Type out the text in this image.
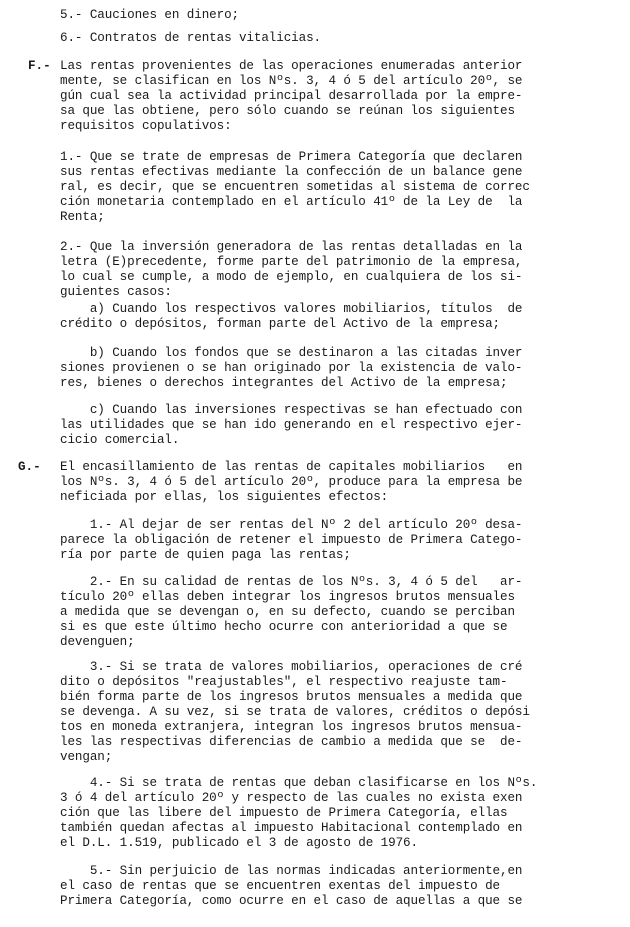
5.- Cauciones en dinero;
6.- Contratos de rentas vitalicias.
F.- Las rentas provenientes de las operaciones enumeradas anterior
mente, se clasifican en los Nºs. 3, 4 ó 5 del artículo 20º, se
gún cual sea la actividad principal desarrollada por la empre-
sa que las obtiene, pero sólo cuando se reúnan los siguientes
requisitos copulativos:
1.- Que se trate de empresas de Primera Categoría que declaren
sus rentas efectivas mediante la confección de un balance gene
ral, es decir, que se encuentren sometidas al sistema de correc
ción monetaria contemplado en el artículo 41º de la Ley de  la
Renta;
2.- Que la inversión generadora de las rentas detalladas en la
letra (E)precedente, forme parte del patrimonio de la empresa,
lo cual se cumple, a modo de ejemplo, en cualquiera de los si-
guientes casos:
a) Cuando los respectivos valores mobiliarios, títulos  de
crédito o depósitos, forman parte del Activo de la empresa;
b) Cuando los fondos que se destinaron a las citadas inver
siones provienen o se han originado por la existencia de valo-
res, bienes o derechos integrantes del Activo de la empresa;
c) Cuando las inversiones respectivas se han efectuado con
las utilidades que se han ido generando en el respectivo ejer-
cicio comercial.
G.- El encasillamiento de las rentas de capitales mobiliarios   en
los Nºs. 3, 4 ó 5 del artículo 20º, produce para la empresa be
neficiada por ellas, los siguientes efectos:
1.- Al dejar de ser rentas del Nº 2 del artículo 20º desa-
parece la obligación de retener el impuesto de Primera Catego-
ría por parte de quien paga las rentas;
2.- En su calidad de rentas de los Nºs. 3, 4 ó 5 del   ar-
tículo 20º ellas deben integrar los ingresos brutos mensuales
a medida que se devengan o, en su defecto, cuando se perciban
si es que este último hecho ocurre con anterioridad a que se
devenguen;
3.- Si se trata de valores mobiliarios, operaciones de cré
dito o depósitos "reajustables", el respectivo reajuste tam-
bién forma parte de los ingresos brutos mensuales a medida que
se devenga. A su vez, si se trata de valores, créditos o depósi
tos en moneda extranjera, integran los ingresos brutos mensua-
les las respectivas diferencias de cambio a medida que se  de-
vengan;
4.- Si se trata de rentas que deban clasificarse en los Nºs.
3 ó 4 del artículo 20º y respecto de las cuales no exista exen
ción que las libere del impuesto de Primera Categoría, ellas
también quedan afectas al impuesto Habitacional contemplado en
el D.L. 1.519, publicado el 3 de agosto de 1976.
5.- Sin perjuicio de las normas indicadas anteriormente,en
el caso de rentas que se encuentren exentas del impuesto de
Primera Categoría, como ocurre en el caso de aquellas a que se
